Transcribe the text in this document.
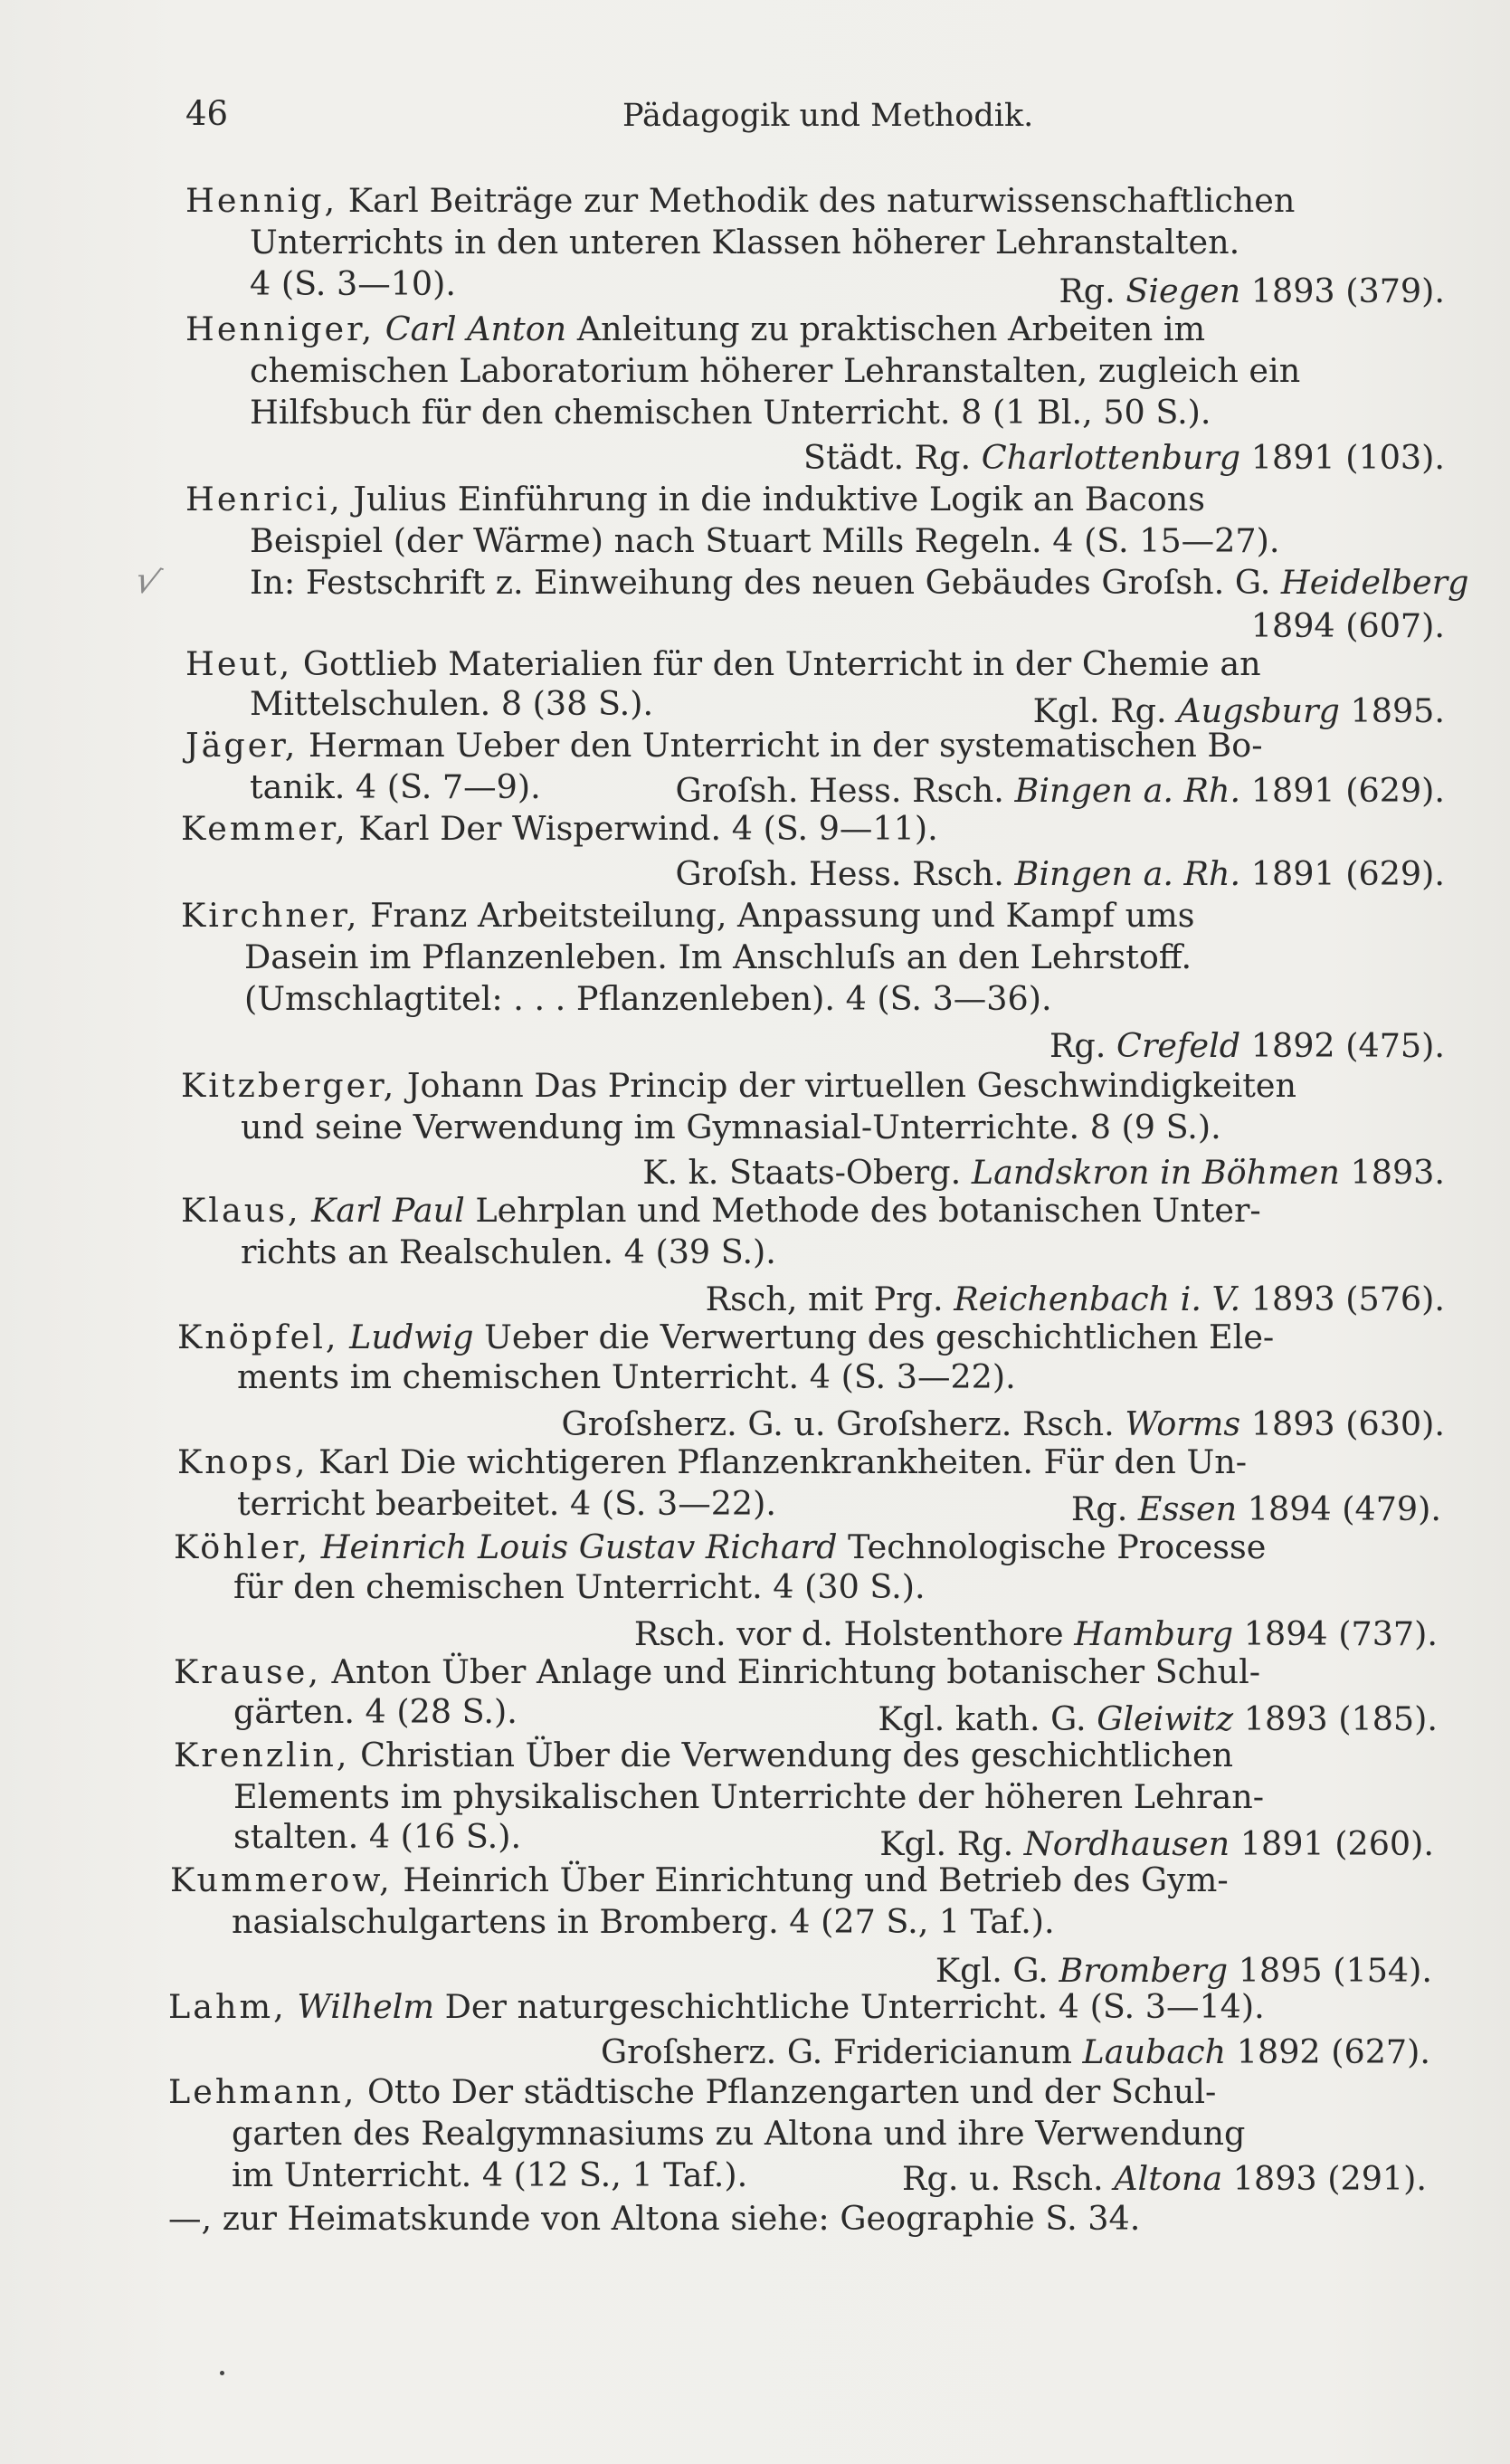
46	Pädagogik und Methodik.
√
Hennig, Karl Beiträge zur Methodik des naturwissenschaftlichen
Unterrichts in den unteren Klassen höherer Lehranstalten.
4 (S. 3—10).	Rg. Siegen 1893 (379).
Henniger, Carl Anton Anleitung zu praktischen Arbeiten im
chemischen Laboratorium höherer Lehranstalten, zugleich ein
Hilfsbuch für den chemischen Unterricht. 8 (1 Bl., 50 S.).
Städt. Rg. Charlottenburg 1891 (103).
Henrici, Julius Einführung in die induktive Logik an Bacons
Beispiel (der Wärme) nach Stuart Mills Regeln. 4 (S. 15—27).
In: Festschrift z. Einweihung des neuen Gebäudes Groſsh. G. Heidelberg
1894 (607).
Heut, Gottlieb Materialien für den Unterricht in der Chemie an
Mittelschulen. 8 (38 S.).	Kgl. Rg. Augsburg 1895.
Jäger, Herman Ueber den Unterricht in der systematischen Bo-
tanik. 4 (S. 7—9).	Groſsh. Hess. Rsch. Bingen a. Rh. 1891 (629).
Kemmer, Karl Der Wisperwind. 4 (S. 9—11).
Groſsh. Hess. Rsch. Bingen a. Rh. 1891 (629).
Kirchner, Franz Arbeitsteilung, Anpassung und Kampf ums
Dasein im Pflanzenleben. Im Anschluſs an den Lehrstoff.
(Umschlagtitel: . . . Pflanzenleben). 4 (S. 3—36).
Rg. Crefeld 1892 (475).
Kitzberger, Johann Das Princip der virtuellen Geschwindigkeiten
und seine Verwendung im Gymnasial-Unterrichte. 8 (9 S.).
K. k. Staats-Oberg. Landskron in Böhmen 1893.
Klaus, Karl Paul Lehrplan und Methode des botanischen Unter-
richts an Realschulen. 4 (39 S.).
Rsch, mit Prg. Reichenbach i. V. 1893 (576).
Knöpfel, Ludwig Ueber die Verwertung des geschichtlichen Ele-
ments im chemischen Unterricht. 4 (S. 3—22).
Groſsherz. G. u. Groſsherz. Rsch. Worms 1893 (630).
Knops, Karl Die wichtigeren Pflanzenkrankheiten. Für den Un-
terricht bearbeitet. 4 (S. 3—22).	Rg. Essen 1894 (479).
Köhler, Heinrich Louis Gustav Richard Technologische Processe
für den chemischen Unterricht. 4 (30 S.).
Rsch. vor d. Holstenthore Hamburg 1894 (737).
Krause, Anton Über Anlage und Einrichtung botanischer Schul-
gärten. 4 (28 S.).	Kgl. kath. G. Gleiwitz 1893 (185).
Krenzlin, Christian Über die Verwendung des geschichtlichen
Elements im physikalischen Unterrichte der höheren Lehran-
stalten. 4 (16 S.).	Kgl. Rg. Nordhausen 1891 (260).
Kummerow, Heinrich Über Einrichtung und Betrieb des Gym-
nasialschulgartens in Bromberg. 4 (27 S., 1 Taf.).
Kgl. G. Bromberg 1895 (154).
Lahm, Wilhelm Der naturgeschichtliche Unterricht. 4 (S. 3—14).
Groſsherz. G. Fridericianum Laubach 1892 (627).
Lehmann, Otto Der städtische Pflanzengarten und der Schul-
garten des Realgymnasiums zu Altona und ihre Verwendung
im Unterricht. 4 (12 S., 1 Taf.).	Rg. u. Rsch. Altona 1893 (291).
—, zur Heimatskunde von Altona siehe: Geographie S. 34.
